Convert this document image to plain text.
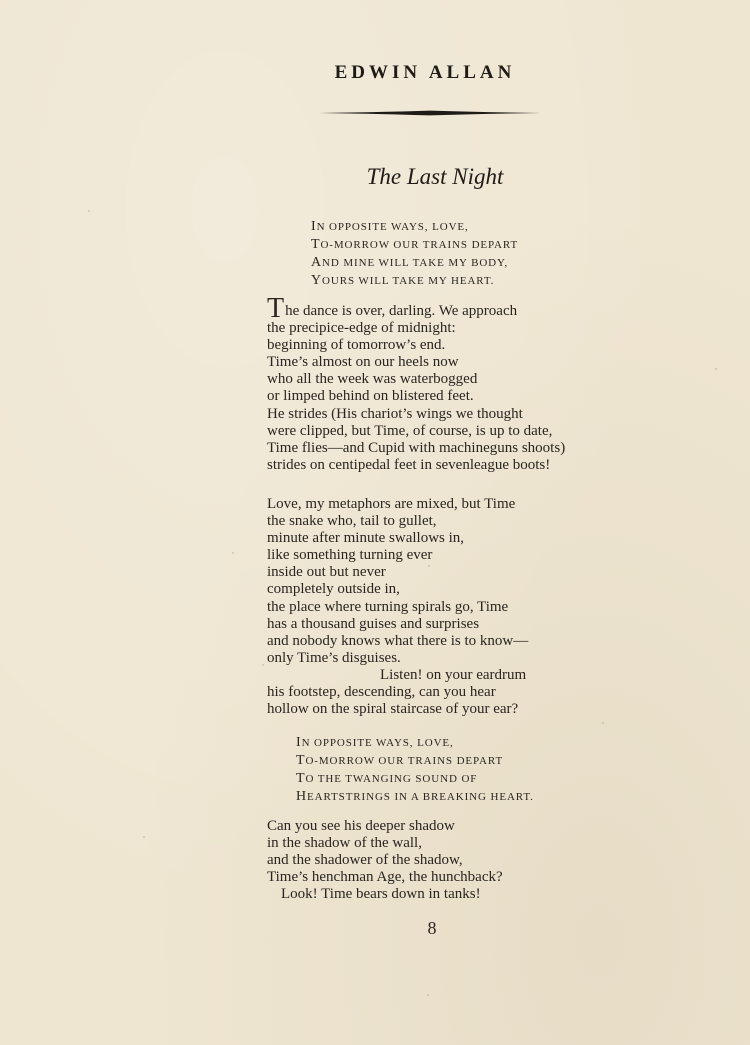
EDWIN ALLAN
The Last Night
IN OPPOSITE WAYS, LOVE,
TO-MORROW OUR TRAINS DEPART
AND MINE WILL TAKE MY BODY,
YOURS WILL TAKE MY HEART.
The dance is over, darling. We approach
the precipice-edge of midnight:
beginning of tomorrow’s end.
Time’s almost on our heels now
who all the week was waterbogged
or limped behind on blistered feet.
He strides (His chariot’s wings we thought
were clipped, but Time, of course, is up to date,
Time flies—and Cupid with machineguns shoots)
strides on centipedal feet in sevenleague boots!
Love, my metaphors are mixed, but Time
the snake who, tail to gullet,
minute after minute swallows in,
like something turning ever
inside out but never
completely outside in,
the place where turning spirals go, Time
has a thousand guises and surprises
and nobody knows what there is to know—
only Time’s disguises.
Listen! on your eardrum
his footstep, descending, can you hear
hollow on the spiral staircase of your ear?
IN OPPOSITE WAYS, LOVE,
TO-MORROW OUR TRAINS DEPART
TO THE TWANGING SOUND OF
HEARTSTRINGS IN A BREAKING HEART.
Can you see his deeper shadow
in the shadow of the wall,
and the shadower of the shadow,
Time’s henchman Age, the hunchback?
Look! Time bears down in tanks!
8
